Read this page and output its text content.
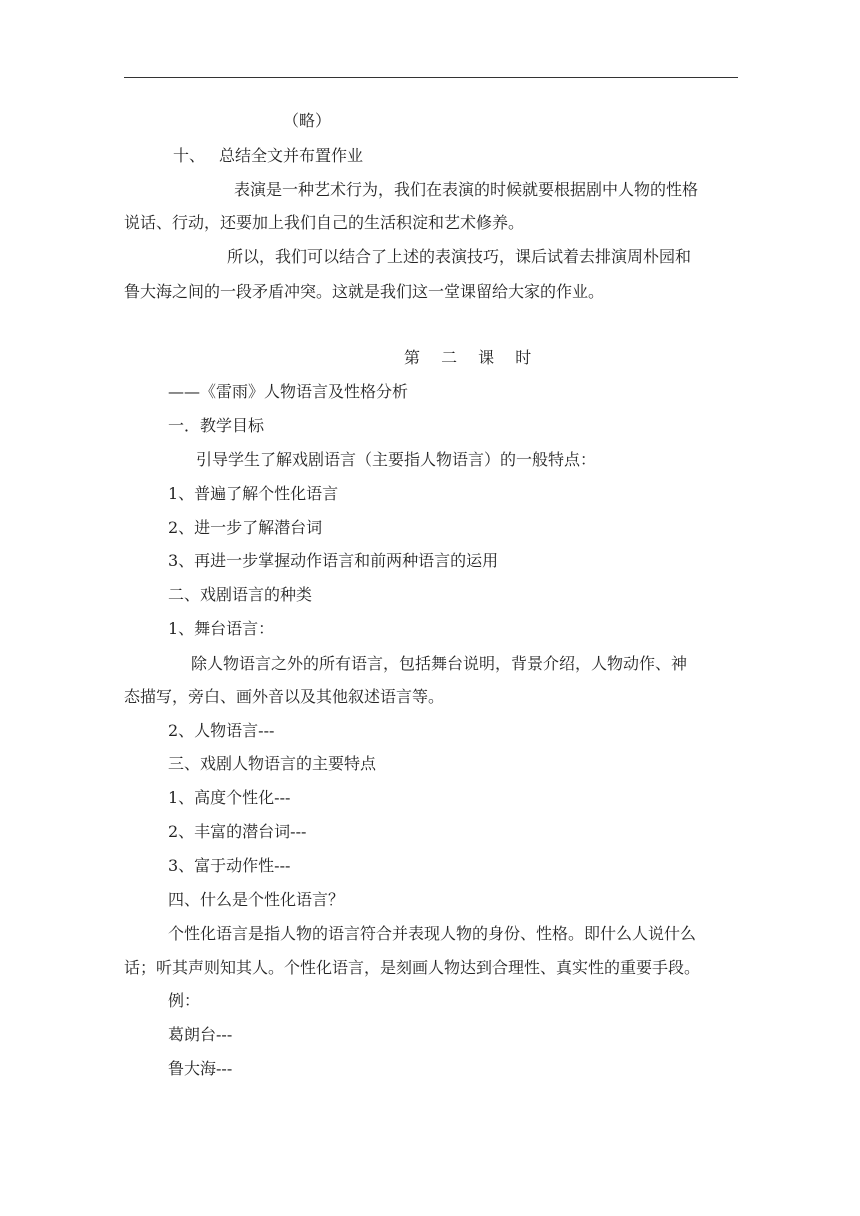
（略）
十、 总结全文并布置作业
表演是一种艺术行为，我们在表演的时候就要根据剧中人物的性格
说话、行动，还要加上我们自己的生活积淀和艺术修养。
所以，我们可以结合了上述的表演技巧，课后试着去排演周朴园和
鲁大海之间的一段矛盾冲突。这就是我们这一堂课留给大家的作业。
第 二 课 时
——《雷雨》人物语言及性格分析
一．教学目标
引导学生了解戏剧语言（主要指人物语言）的一般特点：
1、普遍了解个性化语言
2、进一步了解潜台词
3、再进一步掌握动作语言和前两种语言的运用
二、戏剧语言的种类
1、舞台语言：
除人物语言之外的所有语言，包括舞台说明，背景介绍，人物动作、神
态描写，旁白、画外音以及其他叙述语言等。
2、人物语言---
三、戏剧人物语言的主要特点
1、高度个性化---
2、丰富的潜台词---
3、富于动作性---
四、什么是个性化语言？
个性化语言是指人物的语言符合并表现人物的身份、性格。即什么人说什么
话；听其声则知其人。个性化语言，是刻画人物达到合理性、真实性的重要手段。
例：
葛朗台---
鲁大海---
